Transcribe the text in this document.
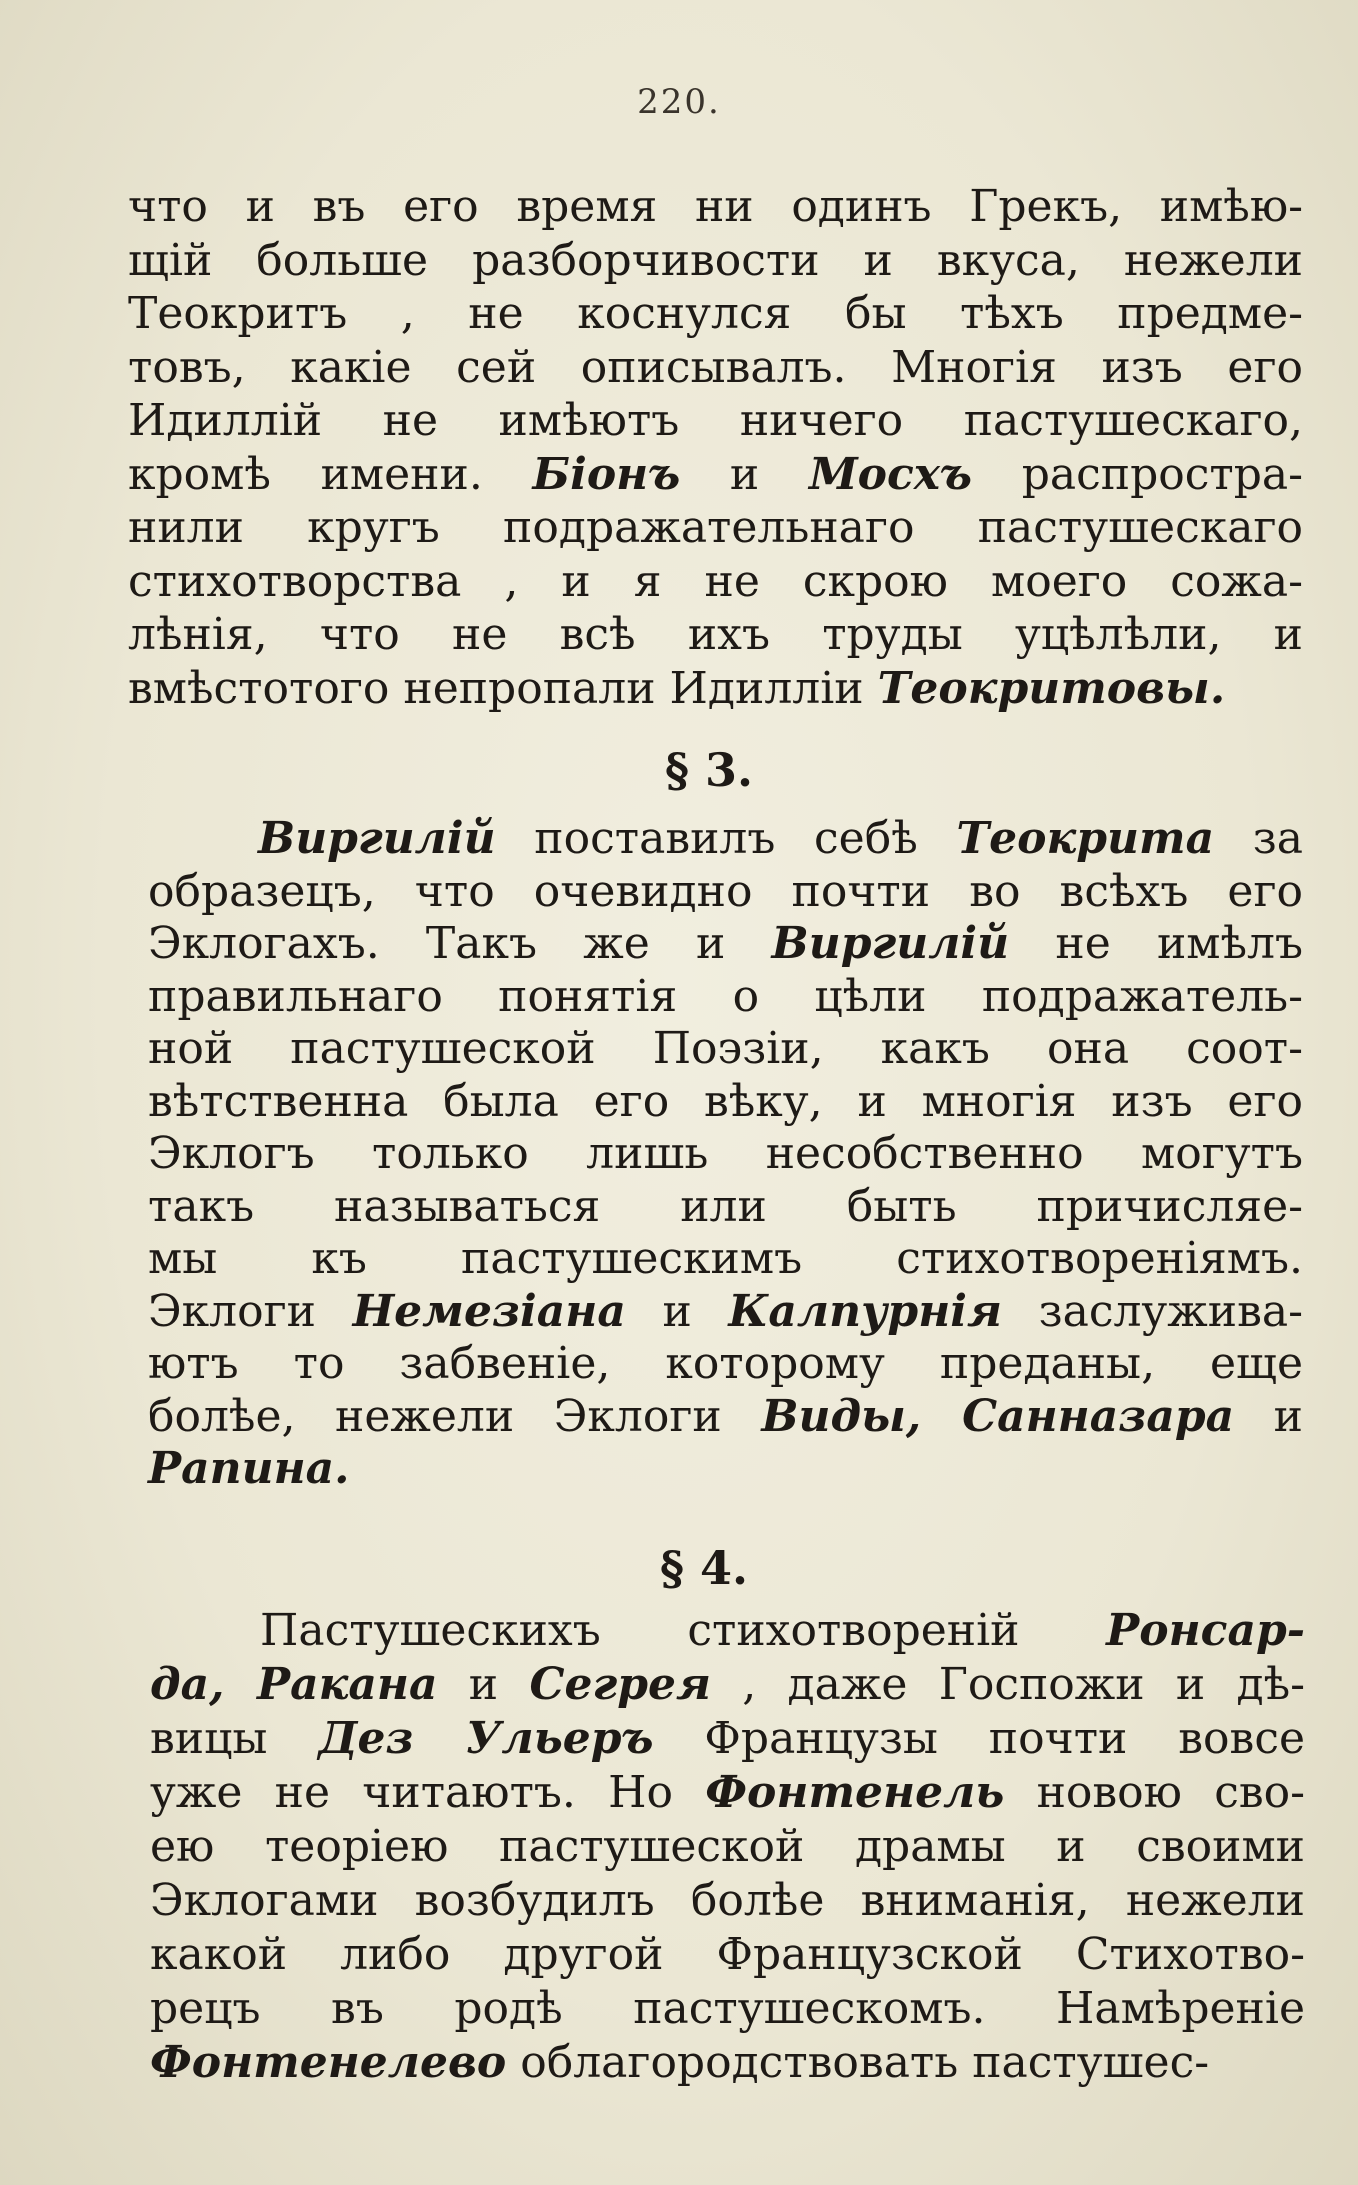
220.
что и въ его время ни одинъ Грекъ, имѣю-
щій больше разборчивости и вкуса, нежели
Теокритъ , не коснулся бы тѣхъ предме-
товъ, какіе сей описывалъ. Многія изъ его
Идиллій не имѣютъ ничего пастушескаго,
кромѣ имени. Біонъ и Мосхъ распростра-
нили кругъ подражательнаго пастушескаго
стихотворства , и я не скрою моего сожа-
лѣнія, что не всѣ ихъ труды уцѣлѣли, и
вмѣстотого непропали Идилліи Теокритовы.
§ 3.
Виргилій поставилъ себѣ Теокрита за
образецъ, что очевидно почти во всѣхъ его
Эклогахъ. Такъ же и Виргилій не имѣлъ
правильнаго понятія о цѣли подражатель-
ной пастушеской Поэзіи, какъ она соот-
вѣтственна была его вѣку, и многія изъ его
Эклогъ только лишь несобственно могутъ
такъ называться или быть причисляе-
мы къ пастушескимъ стихотвореніямъ.
Эклоги Немезіана и Калпурнія заслужива-
ютъ то забвеніе, которому преданы, еще
болѣе, нежели Эклоги Виды, Санназара и
Рапина.
§ 4.
Пастушескихъ стихотвореній Ронсар-
да, Ракана и Сегрея , даже Госпожи и дѣ-
вицы Дез Ульеръ Французы почти вовсе
уже не читаютъ. Но Фонтенель новою сво-
ею теоріею пастушеской драмы и своими
Эклогами возбудилъ болѣе вниманія, нежели
какой либо другой Французской Стихотво-
рецъ въ родѣ пастушескомъ. Намѣреніе
Фонтенелево облагородствовать пастушес-
